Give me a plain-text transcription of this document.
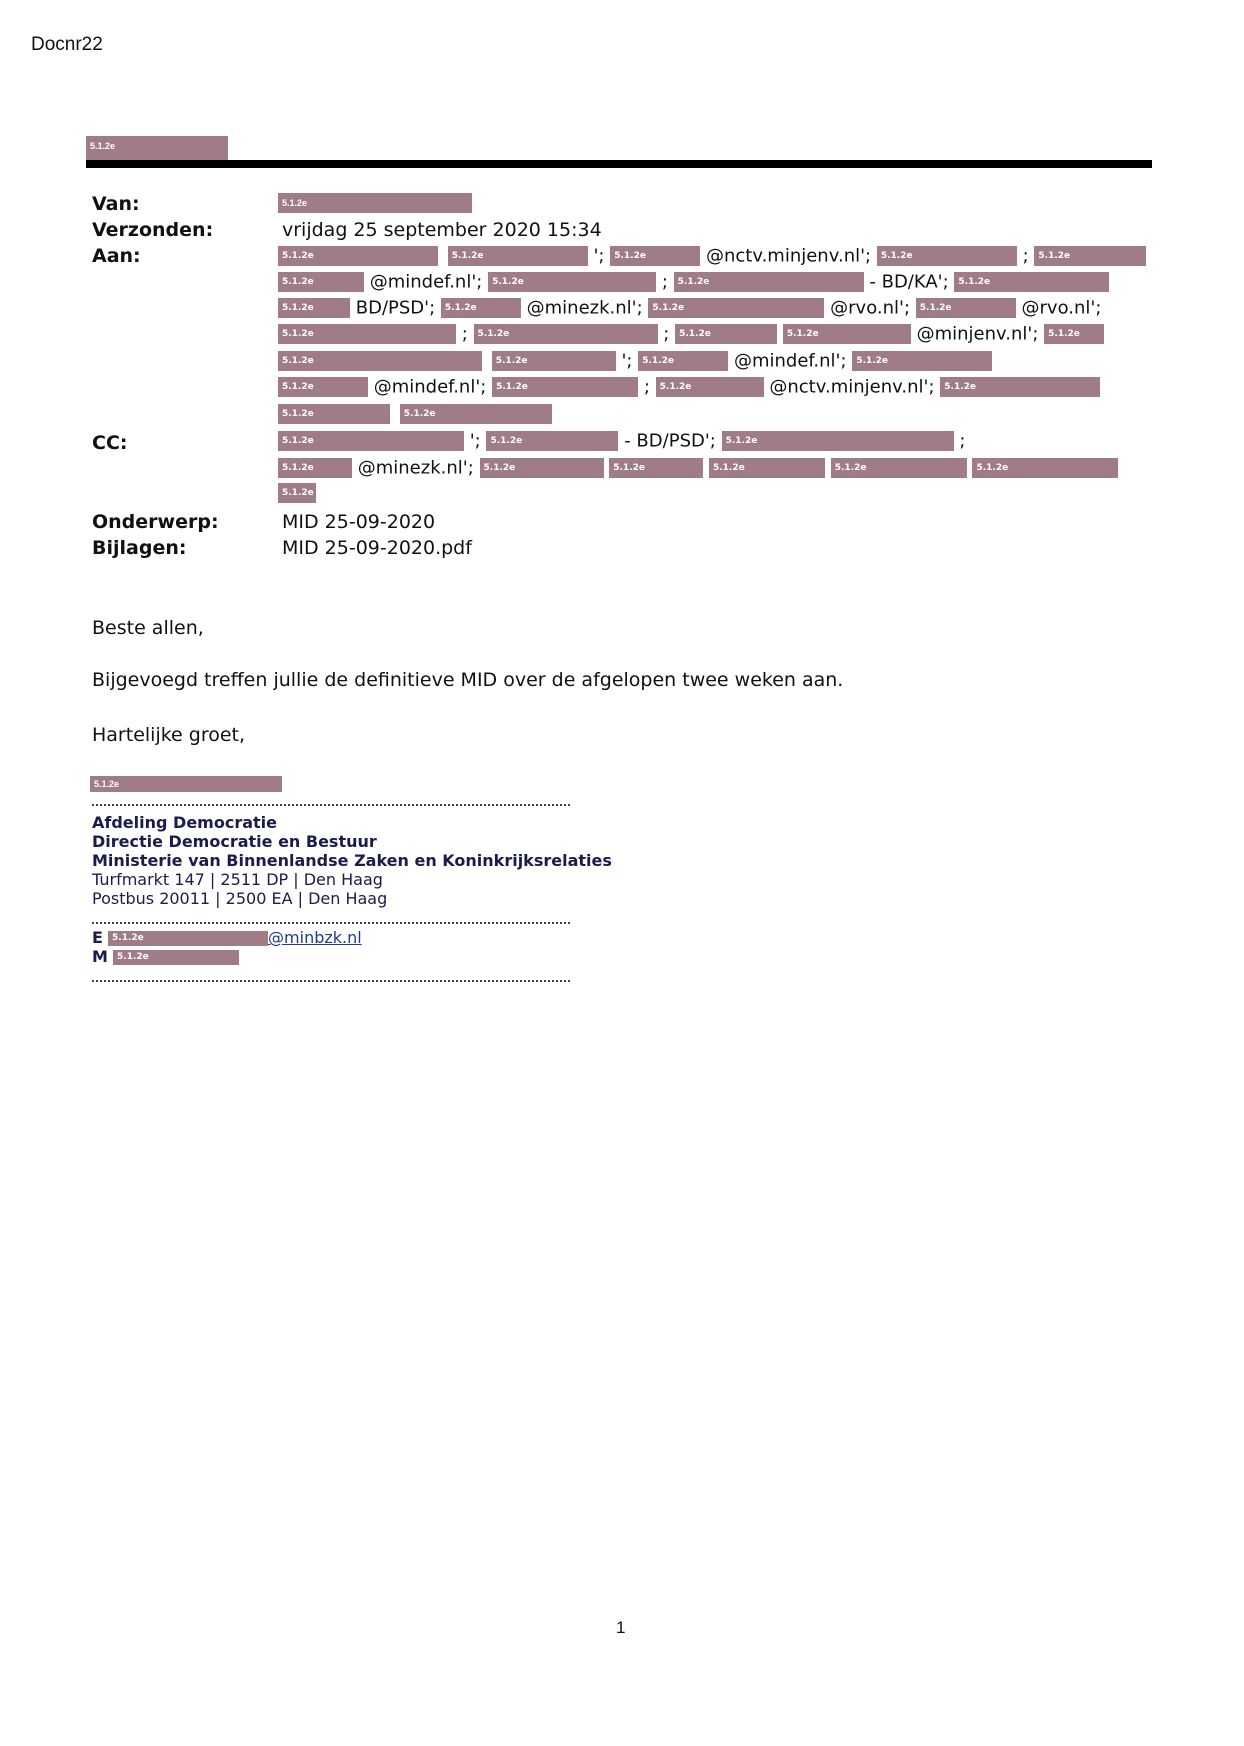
Docnr22
5.1.2e
Van:	5.1.2e
Verzonden:	vrijdag 25 september 2020 15:34
Aan:	5.1.2e	5.1.2e	'; 5.1.2e	@nctv.minjenv.nl'; 5.1.2e	; 5.1.2e
5.1.2e	@mindef.nl'; 5.1.2e	; 5.1.2e	- BD/KA'; 5.1.2e
5.1.2e BD/PSD'; 5.1.2e	@minezk.nl'; 5.1.2e	@rvo.nl'; 5.1.2e	@rvo.nl';
5.1.2e	; 5.1.2e	; 5.1.2e	5.1.2e	@minjenv.nl'; 5.1.2e
5.1.2e	5.1.2e	'; 5.1.2e	@mindef.nl'; 5.1.2e
5.1.2e	@mindef.nl'; 5.1.2e	; 5.1.2e	@nctv.minjenv.nl'; 5.1.2e
5.1.2e	5.1.2e
CC:	5.1.2e	'; 5.1.2e	- BD/PSD'; 5.1.2e	;
5.1.2e @minezk.nl'; 5.1.2e	5.1.2e	5.1.2e	5.1.2e	5.1.2e
5.1.2e
Onderwerp:	MID 25-09-2020
Bijlagen:	MID 25-09-2020.pdf
Beste allen,
Bijgevoegd treffen jullie de definitieve MID over de afgelopen twee weken aan.
Hartelijke groet,
5.1.2e
Afdeling Democratie
Directie Democratie en Bestuur
Ministerie van Binnenlandse Zaken en Koninkrijksrelaties
Turfmarkt 147 | 2511 DP | Den Haag
Postbus 20011 | 2500 EA | Den Haag
E 5.1.2e	@minbzk.nl
M 5.1.2e
1
